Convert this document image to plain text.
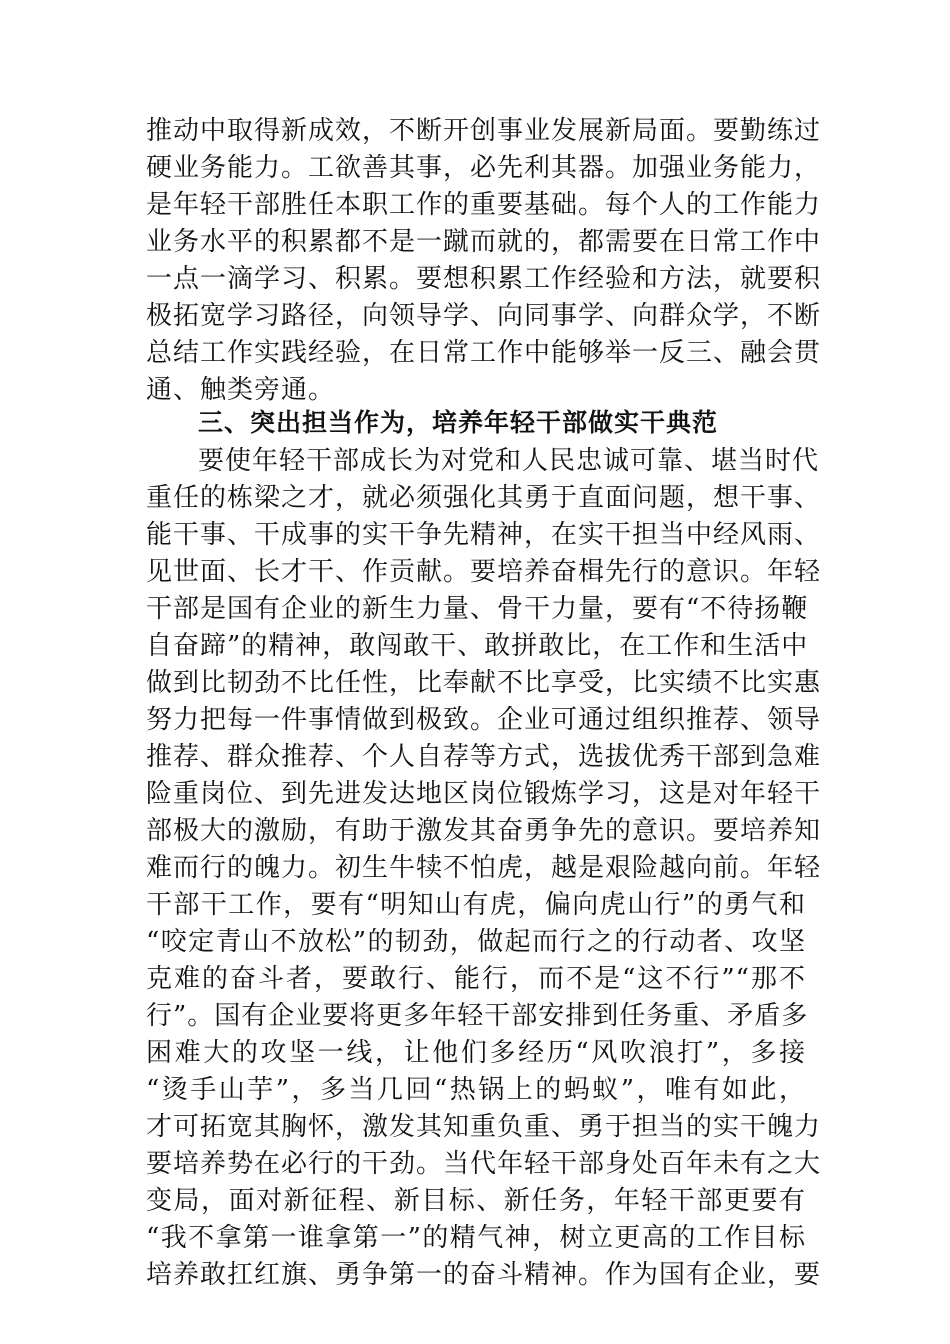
推动中取得新成效，不断开创事业发展新局面。要勤练过
硬业务能力。工欲善其事，必先利其器。加强业务能力，
是年轻干部胜任本职工作的重要基础。每个人的工作能力
业务水平的积累都不是一蹴而就的，都需要在日常工作中
一点一滴学习、积累。要想积累工作经验和方法，就要积
极拓宽学习路径，向领导学、向同事学、向群众学，不断
总结工作实践经验，在日常工作中能够举一反三、融会贯
通、触类旁通。
三、突出担当作为，培养年轻干部做实干典范
要使年轻干部成长为对党和人民忠诚可靠、堪当时代
重任的栋梁之才，就必须强化其勇于直面问题，想干事、
能干事、干成事的实干争先精神，在实干担当中经风雨、
见世面、长才干、作贡献。要培养奋楫先行的意识。年轻
干部是国有企业的新生力量、骨干力量，要有“不待扬鞭
自奋蹄”的精神，敢闯敢干、敢拼敢比，在工作和生活中
做到比韧劲不比任性，比奉献不比享受，比实绩不比实惠
努力把每一件事情做到极致。企业可通过组织推荐、领导
推荐、群众推荐、个人自荐等方式，选拔优秀干部到急难
险重岗位、到先进发达地区岗位锻炼学习，这是对年轻干
部极大的激励，有助于激发其奋勇争先的意识。要培养知
难而行的魄力。初生牛犊不怕虎，越是艰险越向前。年轻
干部干工作，要有“明知山有虎，偏向虎山行”的勇气和
“咬定青山不放松”的韧劲，做起而行之的行动者、攻坚
克难的奋斗者，要敢行、能行，而不是“这不行”“那不
行”。国有企业要将更多年轻干部安排到任务重、矛盾多
困难大的攻坚一线，让他们多经历“风吹浪打”，多接
“烫手山芋”，多当几回“热锅上的蚂蚁”，唯有如此，
才可拓宽其胸怀，激发其知重负重、勇于担当的实干魄力
要培养势在必行的干劲。当代年轻干部身处百年未有之大
变局，面对新征程、新目标、新任务，年轻干部更要有
“我不拿第一谁拿第一”的精气神，树立更高的工作目标
培养敢扛红旗、勇争第一的奋斗精神。作为国有企业，要
